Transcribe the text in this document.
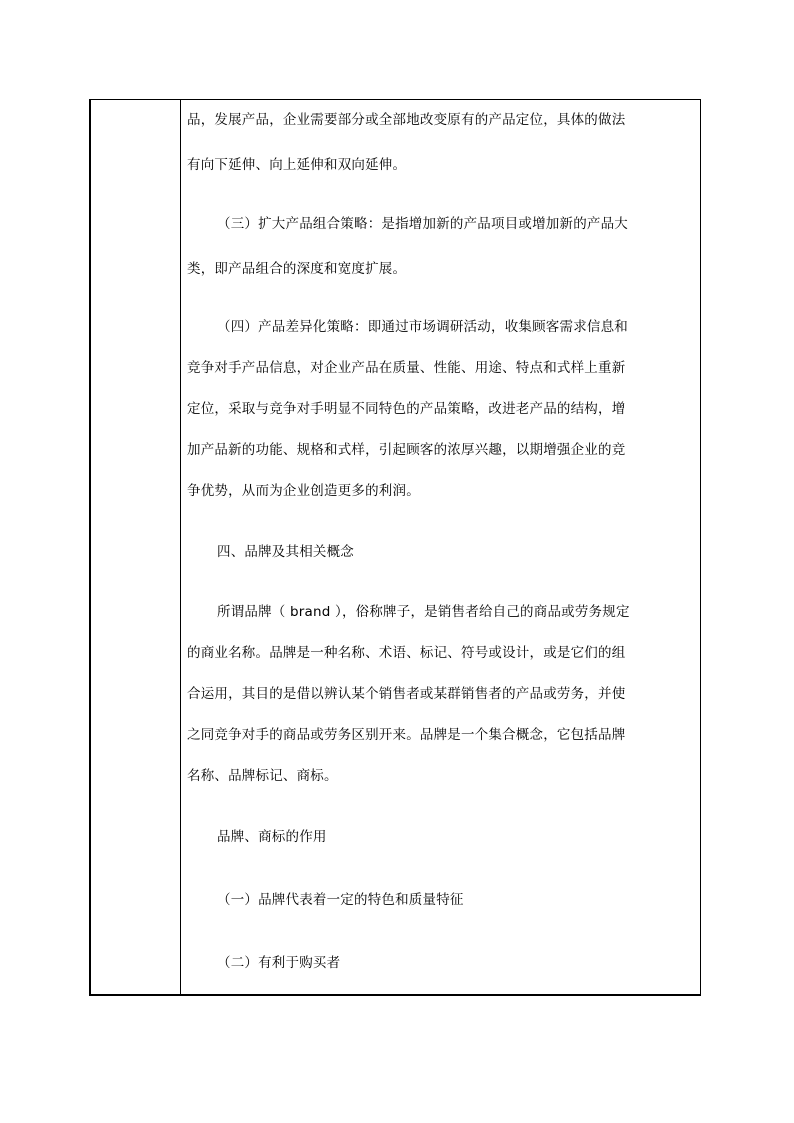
品，发展产品，企业需要部分或全部地改变原有的产品定位，具体的做法
有向下延伸、向上延伸和双向延伸。
（三）扩大产品组合策略：是指增加新的产品项目或增加新的产品大
类，即产品组合的深度和宽度扩展。
（四）产品差异化策略：即通过市场调研活动，收集顾客需求信息和
竞争对手产品信息，对企业产品在质量、性能、用途、特点和式样上重新
定位，采取与竞争对手明显不同特色的产品策略，改进老产品的结构，增
加产品新的功能、规格和式样，引起顾客的浓厚兴趣，以期增强企业的竞
争优势，从而为企业创造更多的利润。
四、品牌及其相关概念
所谓品牌（ brand ），俗称牌子，是销售者给自己的商品或劳务规定
的商业名称。品牌是一种名称、术语、标记、符号或设计，或是它们的组
合运用，其目的是借以辨认某个销售者或某群销售者的产品或劳务，并使
之同竞争对手的商品或劳务区别开来。品牌是一个集合概念，它包括品牌
名称、品牌标记、商标。
品牌、商标的作用
（一）品牌代表着一定的特色和质量特征
（二）有利于购买者
